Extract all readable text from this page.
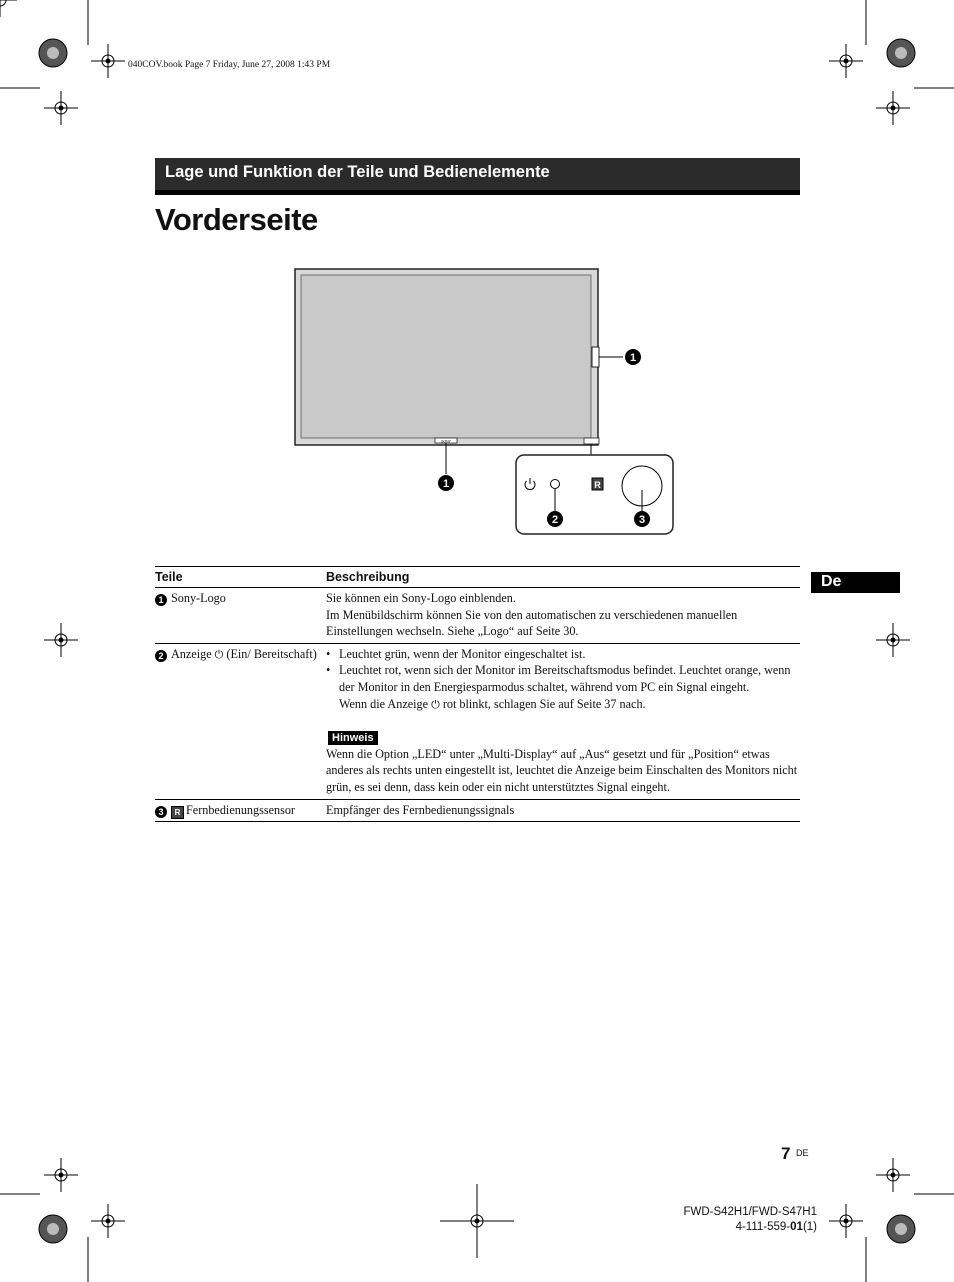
040COV.book Page 7 Friday, June 27, 2008 1:43 PM
Lage und Funktion der Teile und Bedienelemente
Vorderseite
SONY
R
1
1
2	3
De
Teile	Beschreibung
1 Sony-Logo	Sie können ein Sony-Logo einblenden.
Im Menübildschirm können Sie von den automatischen zu verschiedenen manuellen Einstellungen wechseln. Siehe „Logo“ auf Seite 30.
2 Anzeige ⏻ (Ein/ Bereitschaft)
•	Leuchtet grün, wenn der Monitor eingeschaltet ist.
• Leuchtet rot, wenn sich der Monitor im Bereitschaftsmodus befindet. Leuchtet orange, wenn der Monitor in den Energiesparmodus schaltet, während vom PC ein Signal eingeht.
Wenn die Anzeige ⏻ rot blinkt, schlagen Sie auf Seite 37 nach.
Hinweis
Wenn die Option „LED“ unter „Multi-Display“ auf „Aus“ gesetzt und für „Position“ etwas anderes als rechts unten eingestellt ist, leuchtet die Anzeige beim Einschalten des Monitors nicht grün, es sei denn, dass kein oder ein nicht unterstütztes Signal eingeht.
3 R Fernbedienungssensor	Empfänger des Fernbedienungssignals
7 DE
FWD-S42H1/FWD-S47H1
4-111-559-01(1)
